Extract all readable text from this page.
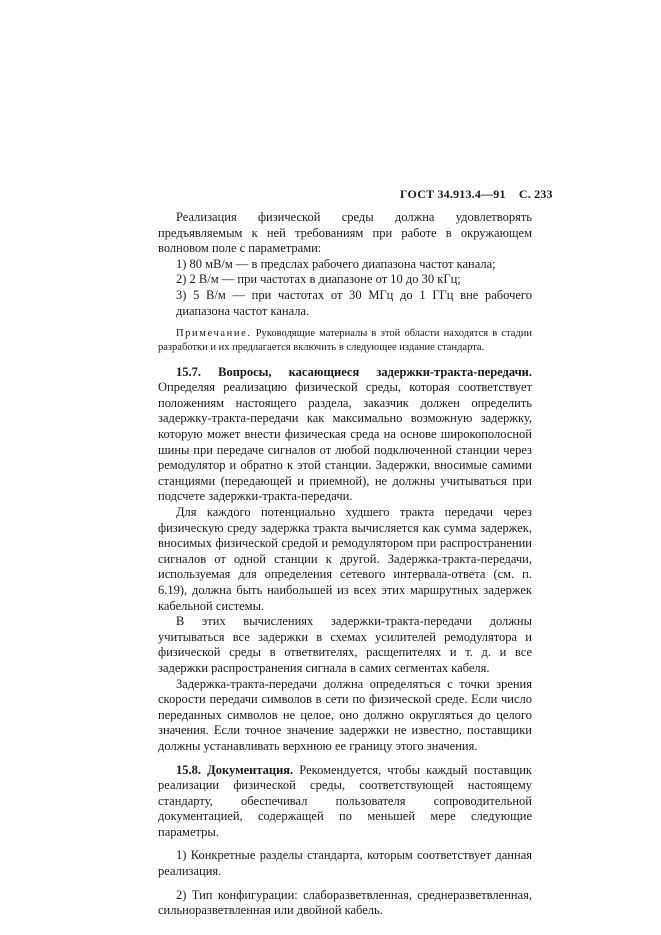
ГОСТ 34.913.4—91 С. 233

Реализация физической среды должна удовлетворять предъявляемым к ней требованиям при работе в окружающем волновом поле с параметрами:

1) 80 мВ/м — в предслах рабочего диапазона частот канала;

2) 2 В/м — при частотах в диапазоне от 10 до 30 кГц;

3) 5 В/м — при частотах от 30 МГц до 1 ГГц вне рабочего диапазона частот канала.

Примечание. Руководящие материалы в этой области находятся в стадии разработки и их предлагается включить в следующее издание стандарта.

15.7. Вопросы, касающиеся задержки-тракта-передачи. Определяя реализацию физической среды, которая соответствует положениям настоящего раздела, заказчик должен определить задержку-тракта-передачи как максимально возможную задержку, которую может внести физическая среда на основе широкополосной шины при передаче сигналов от любой подключенной станции через ремодулятор и обратно к этой станции. Задержки, вносимые самими станциями (передающей и приемной), не должны учитываться при подсчете задержки-тракта-передачи.

Для каждого потенциально худшего тракта передачи через физическую среду задержка тракта вычисляется как сумма задержек, вносимых физической средой и ремодулятором при распространении сигналов от одной станции к другой. Задержка-тракта-передачи, используемая для определения сетевого интервала-ответа (см. п. 6.19), должна быть наибольшей из всех этих маршрутных задержек кабельной системы.

В этих вычислениях задержки-тракта-передачи должны учитываться все задержки в схемах усилителей ремодулятора и физической среды в ответвителях, расщепителях и т. д. и все задержки распространения сигнала в самих сегментах кабеля.

Задержка-тракта-передачи должна определяться с точки зрения скорости передачи символов в сети по физической среде. Если число переданных символов не целое, оно должно округляться до целого значения. Если точное значение задержки не известно, поставщики должны устанавливать верхнюю ее границу этого значения.

15.8. Документация. Рекомендуется, чтобы каждый поставщик реализации физической среды, соответствующей настоящему стандарту, обеспечивал пользователя сопроводительной документацией, содержащей по меньшей мере следующие параметры.

1) Конкретные разделы стандарта, которым соответствует данная реализация.

2) Тип конфигурации: слаборазветвленная, среднеразветвленная, сильноразветвленная или двойной кабель.
